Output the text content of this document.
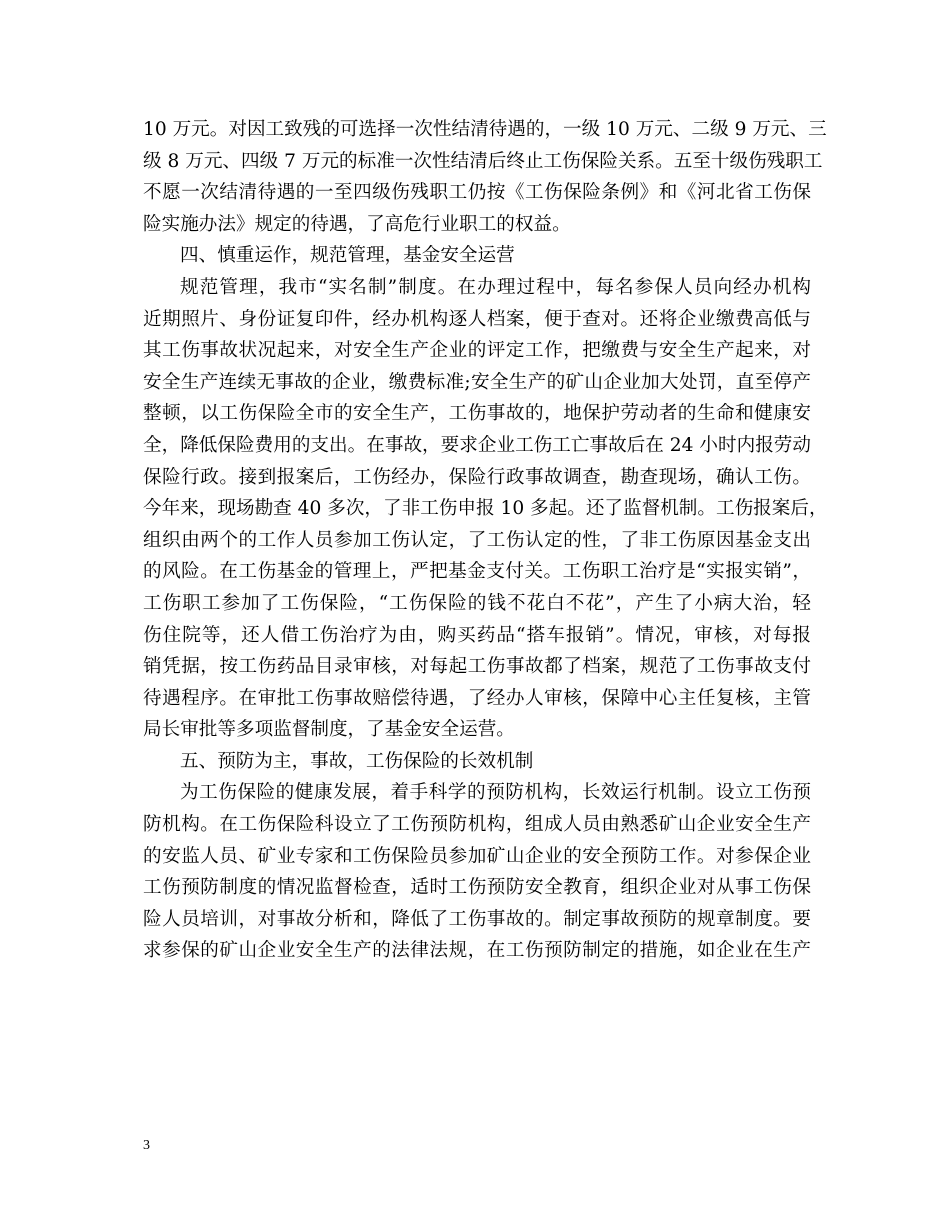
10 万元。对因工致残的可选择一次性结清待遇的，一级 10 万元、二级 9 万元、三
级 8 万元、四级 7 万元的标准一次性结清后终止工伤保险关系。五至十级伤残职工
不愿一次结清待遇的一至四级伤残职工仍按《工伤保险条例》和《河北省工伤保
险实施办法》规定的待遇，了高危行业职工的权益。
四、慎重运作，规范管理，基金安全运营
规范管理，我市“实名制”制度。在办理过程中，每名参保人员向经办机构
近期照片、身份证复印件，经办机构逐人档案，便于查对。还将企业缴费高低与
其工伤事故状况起来，对安全生产企业的评定工作，把缴费与安全生产起来，对
安全生产连续无事故的企业，缴费标准;安全生产的矿山企业加大处罚，直至停产
整顿，以工伤保险全市的安全生产，工伤事故的，地保护劳动者的生命和健康安
全，降低保险费用的支出。在事故，要求企业工伤工亡事故后在 24 小时内报劳动
保险行政。接到报案后，工伤经办，保险行政事故调查，勘查现场，确认工伤。
今年来，现场勘查 40 多次，了非工伤申报 10 多起。还了监督机制。工伤报案后，
组织由两个的工作人员参加工伤认定，了工伤认定的性，了非工伤原因基金支出
的风险。在工伤基金的管理上，严把基金支付关。工伤职工治疗是“实报实销”，
工伤职工参加了工伤保险，“工伤保险的钱不花白不花”，产生了小病大治，轻
伤住院等，还人借工伤治疗为由，购买药品“搭车报销”。情况，审核，对每报
销凭据，按工伤药品目录审核，对每起工伤事故都了档案，规范了工伤事故支付
待遇程序。在审批工伤事故赔偿待遇，了经办人审核，保障中心主任复核，主管
局长审批等多项监督制度，了基金安全运营。
五、预防为主，事故，工伤保险的长效机制
为工伤保险的健康发展，着手科学的预防机构，长效运行机制。设立工伤预
防机构。在工伤保险科设立了工伤预防机构，组成人员由熟悉矿山企业安全生产
的安监人员、矿业专家和工伤保险员参加矿山企业的安全预防工作。对参保企业
工伤预防制度的情况监督检查，适时工伤预防安全教育，组织企业对从事工伤保
险人员培训，对事故分析和，降低了工伤事故的。制定事故预防的规章制度。要
求参保的矿山企业安全生产的法律法规，在工伤预防制定的措施，如企业在生产
3
